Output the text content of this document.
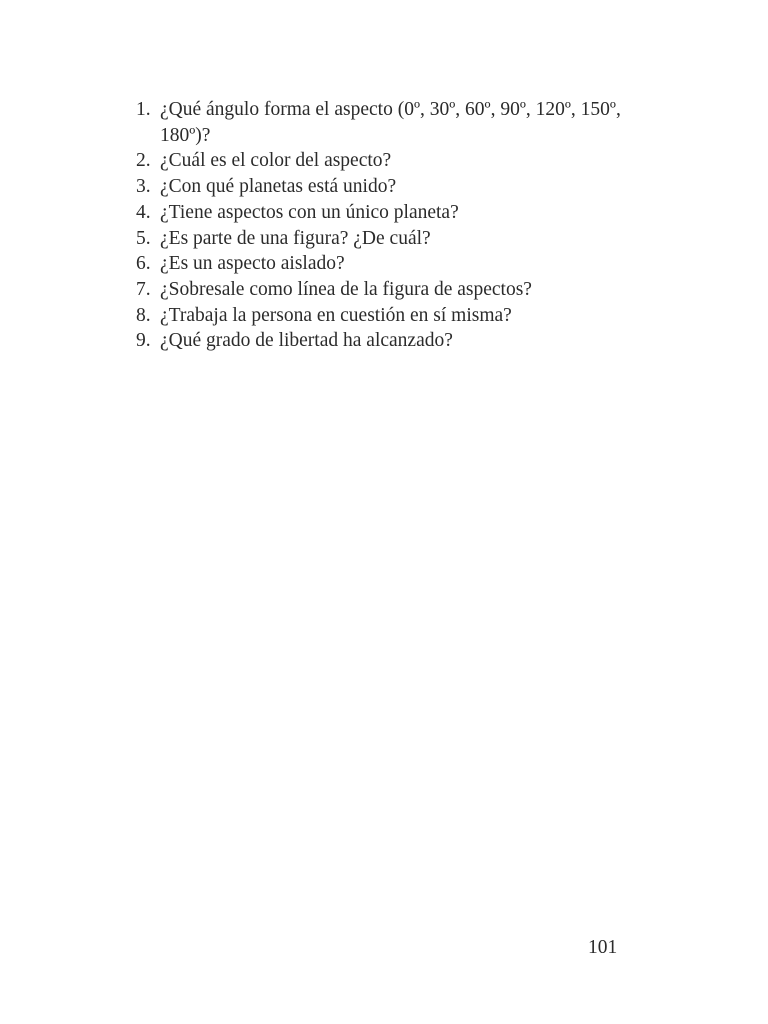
1. ¿Qué ángulo forma el aspecto (0º, 30º, 60º, 90º, 120º, 150º, 180º)?
2. ¿Cuál es el color del aspecto?
3. ¿Con qué planetas está unido?
4. ¿Tiene aspectos con un único planeta?
5. ¿Es parte de una figura? ¿De cuál?
6. ¿Es un aspecto aislado?
7. ¿Sobresale como línea de la figura de aspectos?
8. ¿Trabaja la persona en cuestión en sí misma?
9. ¿Qué grado de libertad ha alcanzado?
101
